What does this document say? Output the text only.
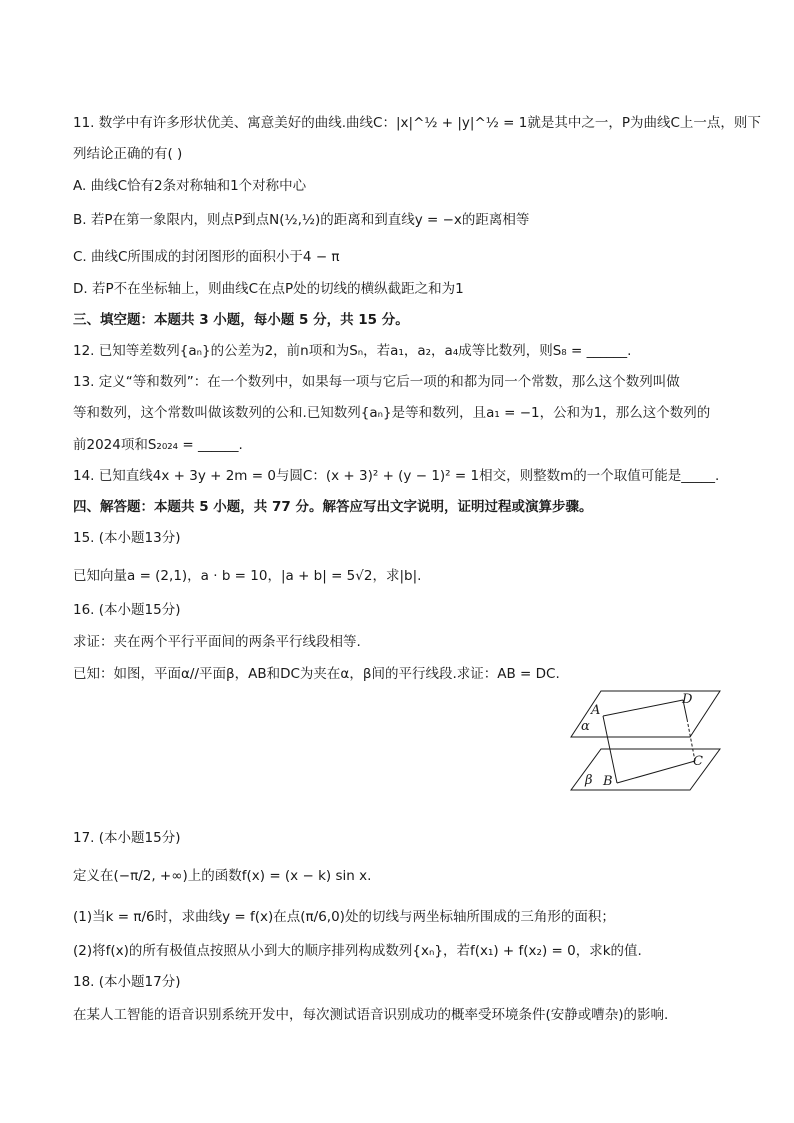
11. 数学中有许多形状优美、寓意美好的曲线.曲线C：|x|^½ + |y|^½ = 1就是其中之一，P为曲线C上一点，则下
列结论正确的有( )
A. 曲线C恰有2条对称轴和1个对称中心
B. 若P在第一象限内，则点P到点N(½,½)的距离和到直线y = −x的距离相等
C. 曲线C所围成的封闭图形的面积小于4 − π
D. 若P不在坐标轴上，则曲线C在点P处的切线的横纵截距之和为1
三、填空题：本题共 3 小题，每小题 5 分，共 15 分。
12. 已知等差数列{aₙ}的公差为2，前n项和为Sₙ，若a₁，a₂，a₄成等比数列，则S₈ = ______.
13. 定义“等和数列”：在一个数列中，如果每一项与它后一项的和都为同一个常数，那么这个数列叫做
等和数列，这个常数叫做该数列的公和.已知数列{aₙ}是等和数列，且a₁ = −1，公和为1，那么这个数列的
前2024项和S₂₀₂₄ = ______.
14. 已知直线4x + 3y + 2m = 0与圆C：(x + 3)² + (y − 1)² = 1相交，则整数m的一个取值可能是_____.
四、解答题：本题共 5 小题，共 77 分。解答应写出文字说明，证明过程或演算步骤。
15. (本小题13分)
已知向量a = (2,1)，a · b = 10，|a + b| = 5√2，求|b|.
16. (本小题15分)
求证：夹在两个平行平面间的两条平行线段相等.
已知：如图，平面α//平面β，AB和DC为夹在α，β间的平行线段.求证：AB = DC.
A
D
α
β B
C
17. (本小题15分)
定义在(−π/2, +∞)上的函数f(x) = (x − k) sin x.
(1)当k = π/6时，求曲线y = f(x)在点(π/6,0)处的切线与两坐标轴所围成的三角形的面积；
(2)将f(x)的所有极值点按照从小到大的顺序排列构成数列{xₙ}，若f(x₁) + f(x₂) = 0，求k的值.
18. (本小题17分)
在某人工智能的语音识别系统开发中，每次测试语音识别成功的概率受环境条件(安静或嘈杂)的影响.
